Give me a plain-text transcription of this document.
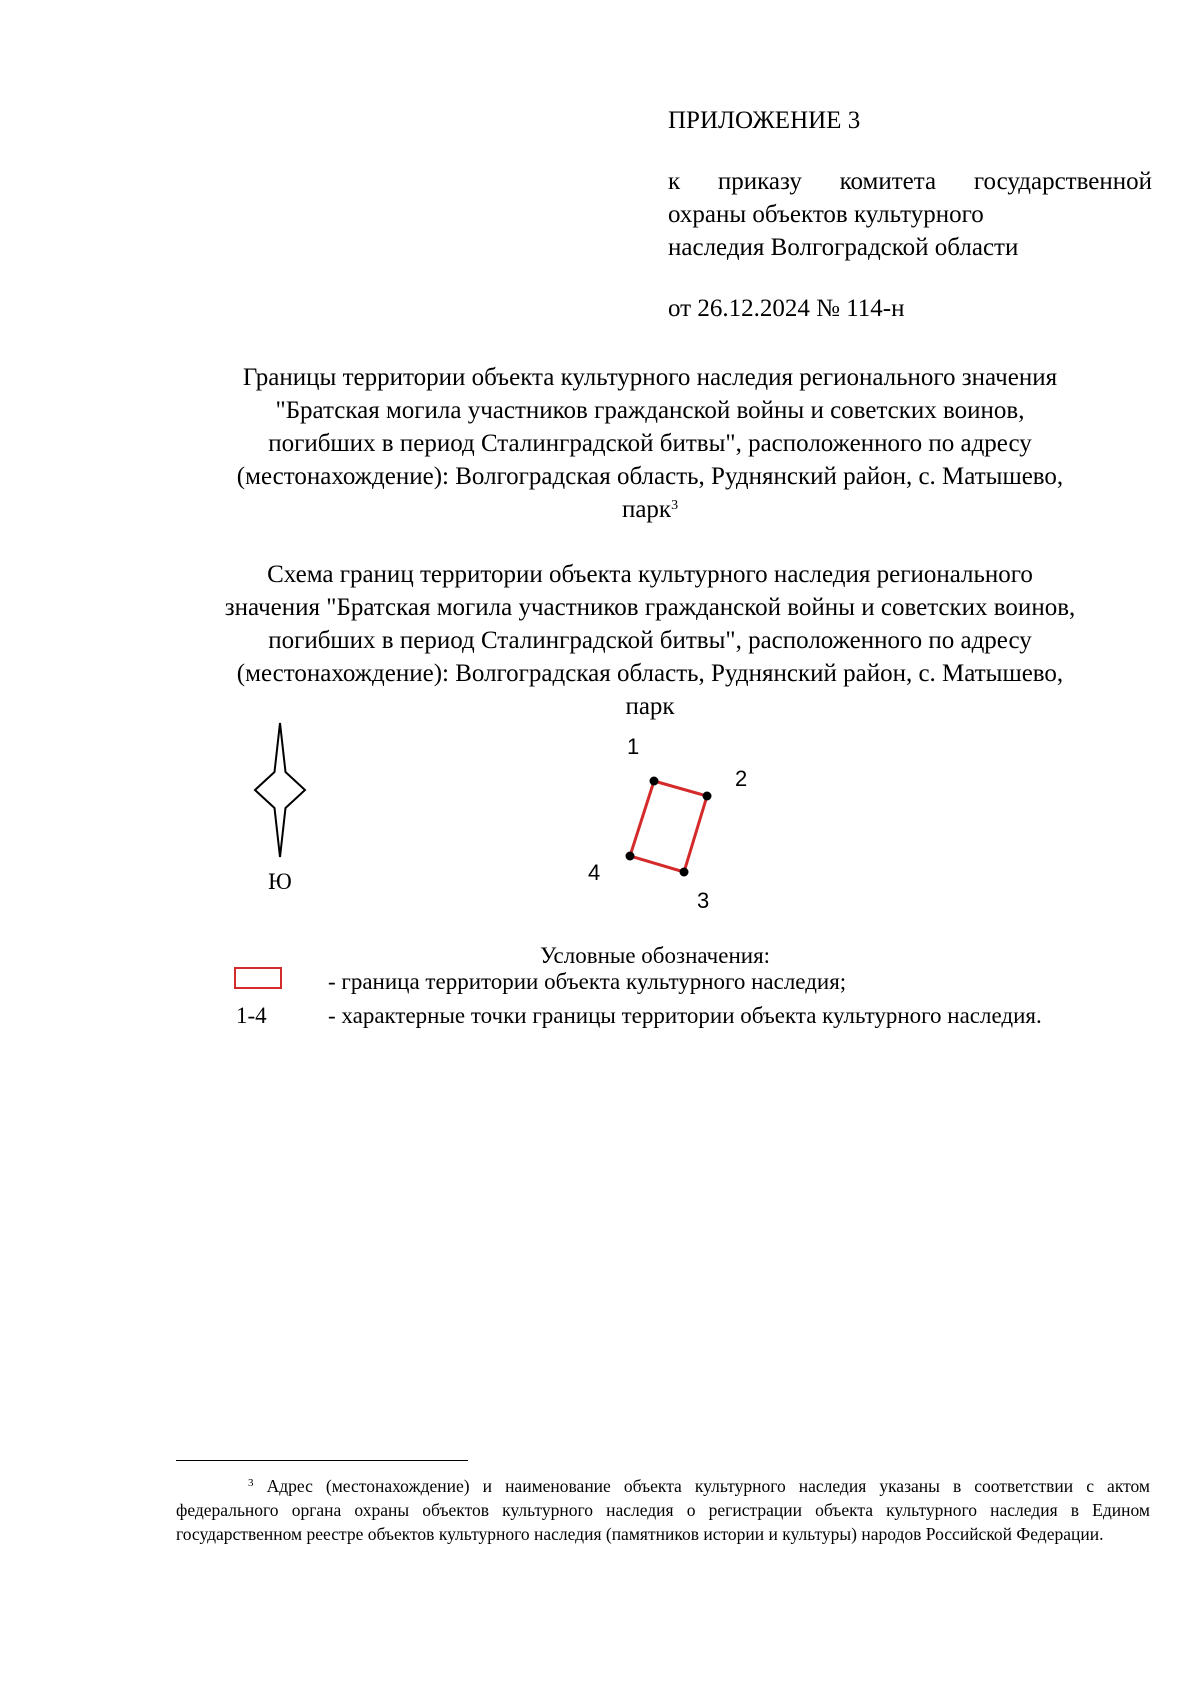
ПРИЛОЖЕНИЕ 3
к приказу комитета государственной
охраны объектов культурного
наследия Волгоградской области
от 26.12.2024 № 114-н
Границы территории объекта культурного наследия регионального значения
"Братская могила участников гражданской войны и советских воинов,
погибших в период Сталинградской битвы", расположенного по адресу
(местонахождение): Волгоградская область, Руднянский район, с. Матышево,
парк$^3$
Схема границ территории объекта культурного наследия регионального
значения "Братская могила участников гражданской войны и советских воинов,
погибших в период Сталинградской битвы", расположенного по адресу
(местонахождение): Волгоградская область, Руднянский район, с. Матышево,
парк
Ю
1
2
3
4
Условные обозначения:
1-4
- граница территории объекта культурного наследия;
- характерные точки границы территории объекта культурного наследия.
$^3$ Адрес (местонахождение) и наименование объекта культурного наследия указаны в соответствии с актом федерального органа охраны объектов культурного наследия о регистрации объекта культурного наследия в Едином государственном реестре объектов культурного наследия (памятников истории и культуры) народов Российской Федерации.
